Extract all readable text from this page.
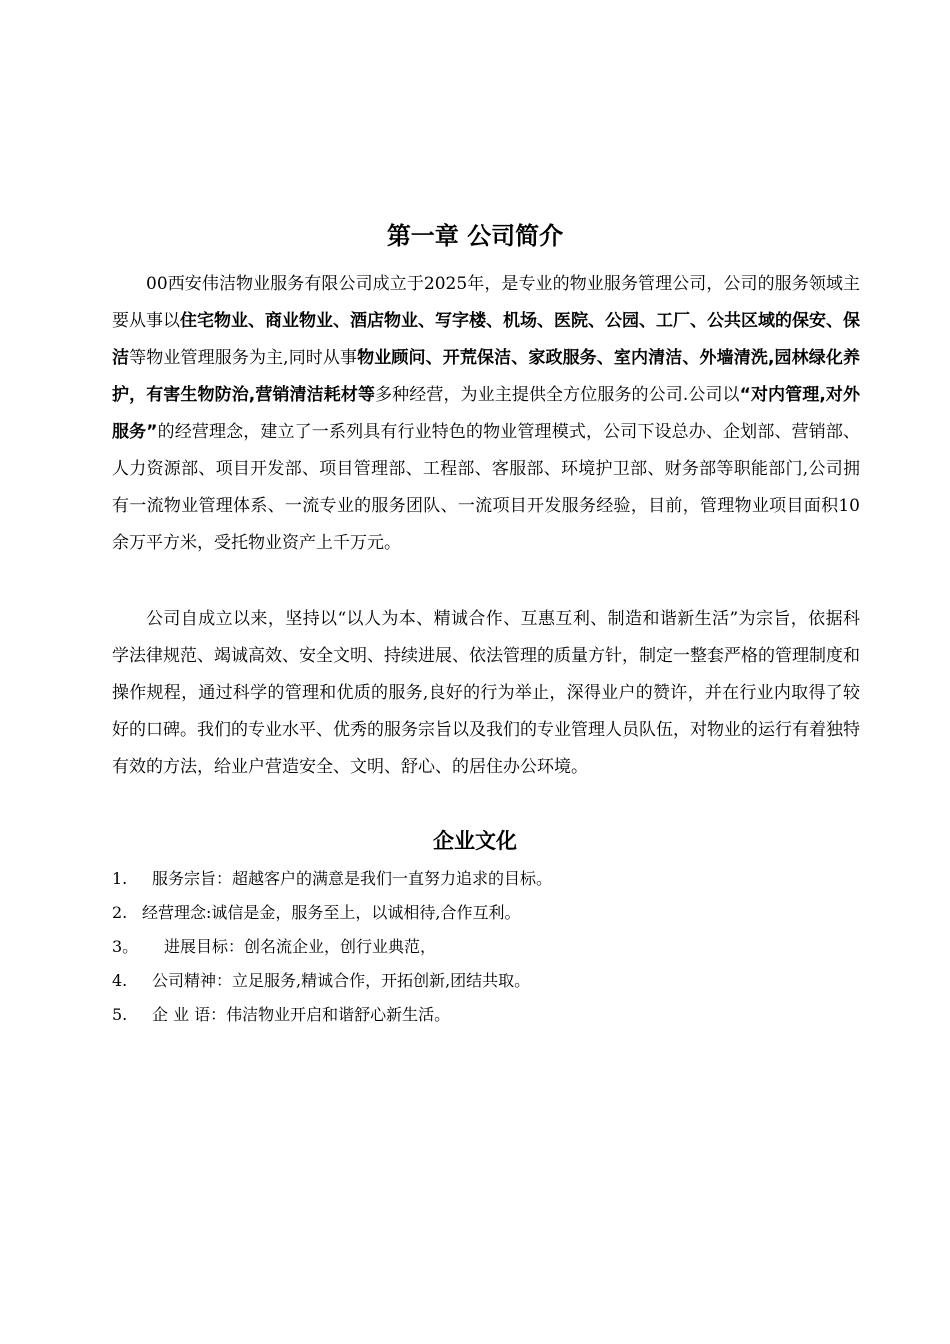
第一章 公司简介

00西安伟洁物业服务有限公司成立于2025年，是专业的物业服务管理公司，公司的服务领域主要从事以住宅物业、商业物业、酒店物业、写字楼、机场、医院、公园、工厂、公共区域的保安、保洁等物业管理服务为主,同时从事物业顾问、开荒保洁、家政服务、室内清洁、外墙清洗,园林绿化养护，有害生物防治,营销清洁耗材等多种经营，为业主提供全方位服务的公司.公司以“对内管理,对外服务”的经营理念，建立了一系列具有行业特色的物业管理模式，公司下设总办、企划部、营销部、人力资源部、项目开发部、项目管理部、工程部、客服部、环境护卫部、财务部等职能部门,公司拥有一流物业管理体系、一流专业的服务团队、一流项目开发服务经验，目前，管理物业项目面积10余万平方米，受托物业资产上千万元。

公司自成立以来，坚持以“以人为本、精诚合作、互惠互利、制造和谐新生活”为宗旨，依据科学法律规范、竭诚高效、安全文明、持续进展、依法管理的质量方针，制定一整套严格的管理制度和操作规程，通过科学的管理和优质的服务,良好的行为举止，深得业户的赞许，并在行业内取得了较好的口碑。我们的专业水平、优秀的服务宗旨以及我们的专业管理人员队伍，对物业的运行有着独特有效的方法，给业户营造安全、文明、舒心、的居住办公环境。

企业文化
1. 服务宗旨：超越客户的满意是我们一直努力追求的目标。
2. 经营理念:诚信是金，服务至上，以诚相待,合作互利。
3。 进展目标：创名流企业，创行业典范，
4. 公司精神：立足服务,精诚合作，开拓创新,团结共取。
5. 企 业 语：伟洁物业开启和谐舒心新生活。
